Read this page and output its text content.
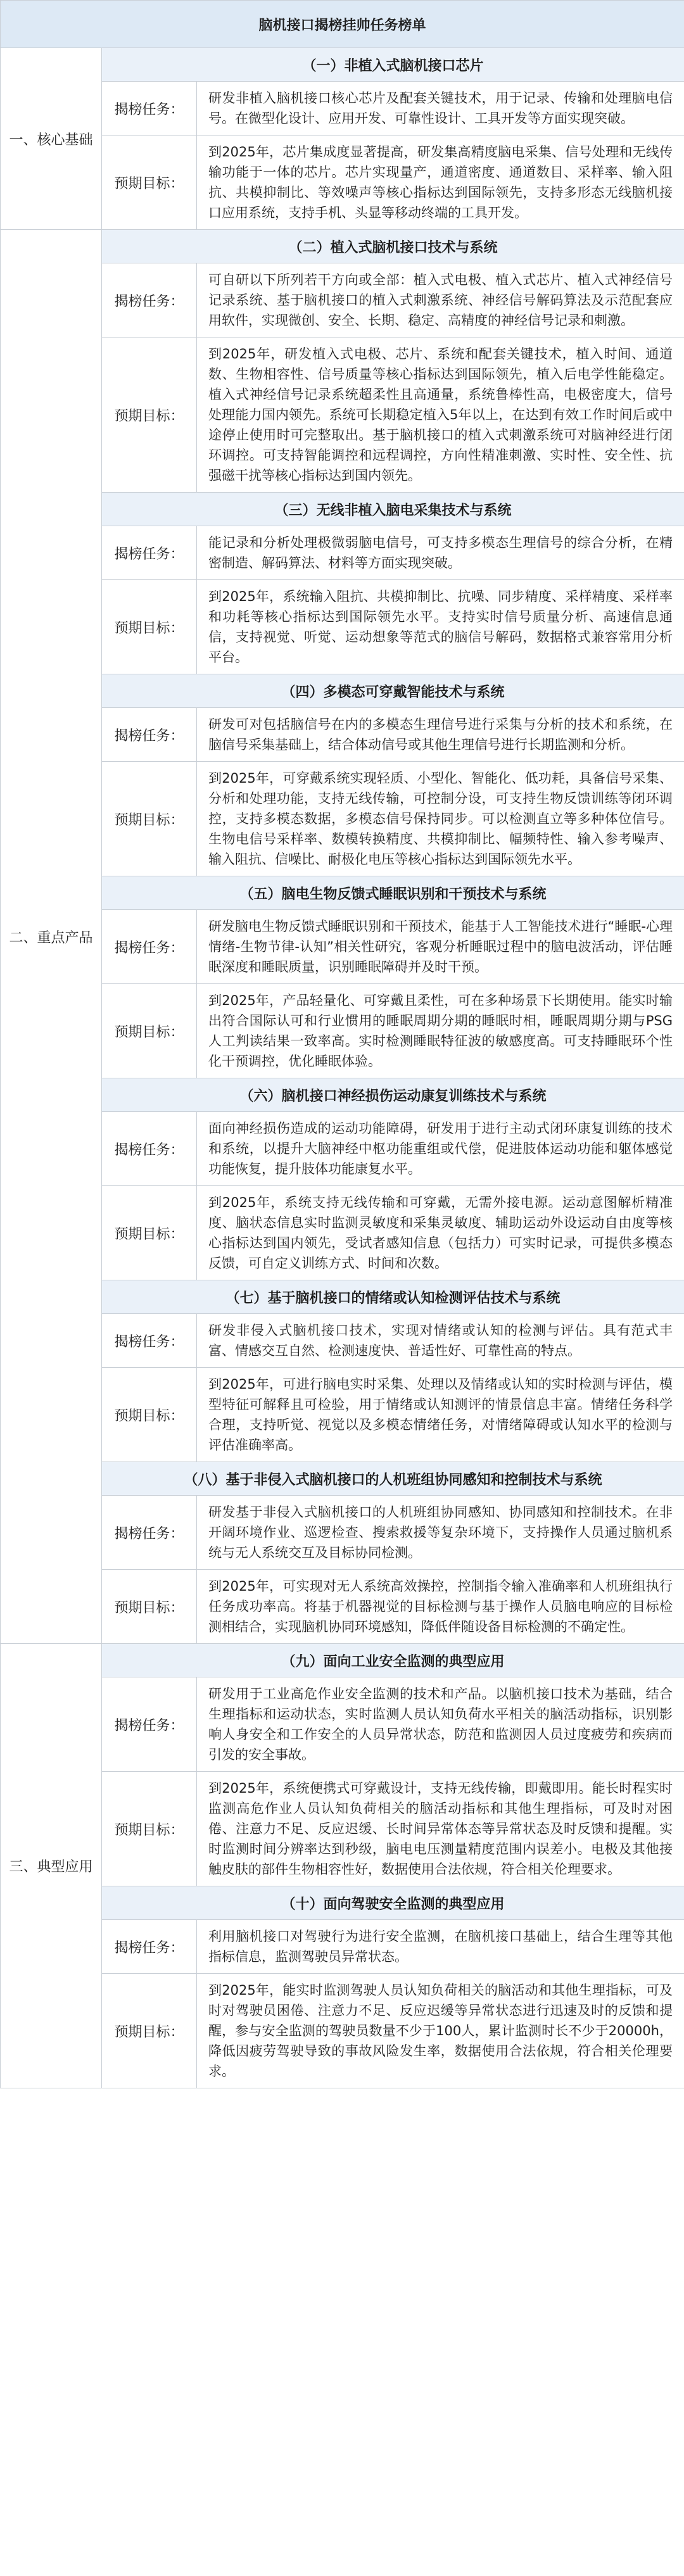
脑机接口揭榜挂帅任务榜单		
一、核心基础	（一）非植入式脑机接口芯片	
	揭榜任务：	研发非植入脑机接口核心芯片及配套关键技术，用于记录、传输和处理脑电信号。在微型化设计、应用开发、可靠性设计、工具开发等方面实现突破。
	预期目标：	到2025年，芯片集成度显著提高，研发集高精度脑电采集、信号处理和无线传输功能于一体的芯片。芯片实现量产，通道密度、通道数目、采样率、输入阻抗、共模抑制比、等效噪声等核心指标达到国际领先，支持多形态无线脑机接口应用系统，支持手机、头显等移动终端的工具开发。
二、重点产品	（二）植入式脑机接口技术与系统	
	揭榜任务：	可自研以下所列若干方向或全部：植入式电极、植入式芯片、植入式神经信号记录系统、基于脑机接口的植入式刺激系统、神经信号解码算法及示范配套应用软件，实现微创、安全、长期、稳定、高精度的神经信号记录和刺激。
	预期目标：	到2025年，研发植入式电极、芯片、系统和配套关键技术，植入时间、通道数、生物相容性、信号质量等核心指标达到国际领先，植入后电学性能稳定。植入式神经信号记录系统超柔性且高通量，系统鲁棒性高，电极密度大，信号处理能力国内领先。系统可长期稳定植入5年以上，在达到有效工作时间后或中途停止使用时可完整取出。基于脑机接口的植入式刺激系统可对脑神经进行闭环调控。可支持智能调控和远程调控，方向性精准刺激、实时性、安全性、抗强磁干扰等核心指标达到国内领先。
	（三）无线非植入脑电采集技术与系统	
	揭榜任务：	能记录和分析处理极微弱脑电信号，可支持多模态生理信号的综合分析，在精密制造、解码算法、材料等方面实现突破。
	预期目标：	到2025年，系统输入阻抗、共模抑制比、抗噪、同步精度、采样精度、采样率和功耗等核心指标达到国际领先水平。支持实时信号质量分析、高速信息通信，支持视觉、听觉、运动想象等范式的脑信号解码，数据格式兼容常用分析平台。
	（四）多模态可穿戴智能技术与系统	
	揭榜任务：	研发可对包括脑信号在内的多模态生理信号进行采集与分析的技术和系统，在脑信号采集基础上，结合体动信号或其他生理信号进行长期监测和分析。
	预期目标：	到2025年，可穿戴系统实现轻质、小型化、智能化、低功耗，具备信号采集、分析和处理功能，支持无线传输，可控制分设，可支持生物反馈训练等闭环调控，支持多模态数据，多模态信号保持同步。可以检测直立等多种体位信号。生物电信号采样率、数模转换精度、共模抑制比、幅频特性、输入参考噪声、输入阻抗、信噪比、耐极化电压等核心指标达到国际领先水平。
	（五）脑电生物反馈式睡眠识别和干预技术与系统	
	揭榜任务：	研发脑电生物反馈式睡眠识别和干预技术，能基于人工智能技术进行“睡眠-心理情绪-生物节律-认知”相关性研究，客观分析睡眠过程中的脑电波活动，评估睡眠深度和睡眠质量，识别睡眠障碍并及时干预。
	预期目标：	到2025年，产品轻量化、可穿戴且柔性，可在多种场景下长期使用。能实时输出符合国际认可和行业惯用的睡眠周期分期的睡眠时相，睡眠周期分期与PSG人工判读结果一致率高。实时检测睡眠特征波的敏感度高。可支持睡眠环个性化干预调控，优化睡眠体验。
	（六）脑机接口神经损伤运动康复训练技术与系统	
	揭榜任务：	面向神经损伤造成的运动功能障碍，研发用于进行主动式闭环康复训练的技术和系统，以提升大脑神经中枢功能重组或代偿，促进肢体运动功能和躯体感觉功能恢复，提升肢体功能康复水平。
	预期目标：	到2025年，系统支持无线传输和可穿戴，无需外接电源。运动意图解析精准度、脑状态信息实时监测灵敏度和采集灵敏度、辅助运动外设运动自由度等核心指标达到国内领先，受试者感知信息（包括力）可实时记录，可提供多模态反馈，可自定义训练方式、时间和次数。
	（七）基于脑机接口的情绪或认知检测评估技术与系统	
	揭榜任务：	研发非侵入式脑机接口技术，实现对情绪或认知的检测与评估。具有范式丰富、情感交互自然、检测速度快、普适性好、可靠性高的特点。
	预期目标：	到2025年，可进行脑电实时采集、处理以及情绪或认知的实时检测与评估，模型特征可解释且可检验，用于情绪或认知测评的情景信息丰富。情绪任务科学合理，支持听觉、视觉以及多模态情绪任务，对情绪障碍或认知水平的检测与评估准确率高。
	（八）基于非侵入式脑机接口的人机班组协同感知和控制技术与系统	
	揭榜任务：	研发基于非侵入式脑机接口的人机班组协同感知、协同感知和控制技术。在非开阔环境作业、巡逻检查、搜索救援等复杂环境下，支持操作人员通过脑机系统与无人系统交互及目标协同检测。
	预期目标：	到2025年，可实现对无人系统高效操控，控制指令输入准确率和人机班组执行任务成功率高。将基于机器视觉的目标检测与基于操作人员脑电响应的目标检测相结合，实现脑机协同环境感知，降低伴随设备目标检测的不确定性。
三、典型应用	（九）面向工业安全监测的典型应用	
	揭榜任务：	研发用于工业高危作业安全监测的技术和产品。以脑机接口技术为基础，结合生理指标和运动状态，实时监测人员认知负荷水平相关的脑活动指标，识别影响人身安全和工作安全的人员异常状态，防范和监测因人员过度疲劳和疾病而引发的安全事故。
	预期目标：	到2025年，系统便携式可穿戴设计，支持无线传输，即戴即用。能长时程实时监测高危作业人员认知负荷相关的脑活动指标和其他生理指标，可及时对困倦、注意力不足、反应迟缓、长时间异常体态等异常状态及时反馈和提醒。实时监测时间分辨率达到秒级，脑电电压测量精度范围内误差小。电极及其他接触皮肤的部件生物相容性好，数据使用合法依规，符合相关伦理要求。
	（十）面向驾驶安全监测的典型应用	
	揭榜任务：	利用脑机接口对驾驶行为进行安全监测，在脑机接口基础上，结合生理等其他指标信息，监测驾驶员异常状态。
	预期目标：	到2025年，能实时监测驾驶人员认知负荷相关的脑活动和其他生理指标，可及时对驾驶员困倦、注意力不足、反应迟缓等异常状态进行迅速及时的反馈和提醒，参与安全监测的驾驶员数量不少于100人，累计监测时长不少于20000h，降低因疲劳驾驶导致的事故风险发生率，数据使用合法依规，符合相关伦理要求。
